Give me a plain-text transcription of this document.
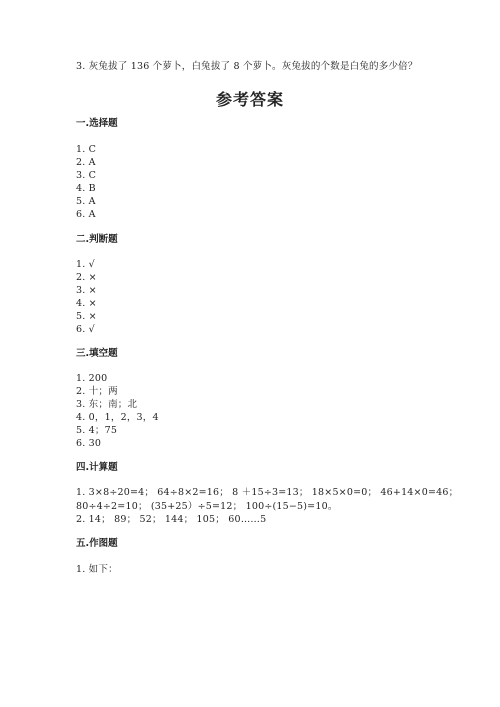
3. 灰兔拔了 136 个萝卜，白兔拔了 8 个萝卜。灰兔拔的个数是白兔的多少倍？
参考答案
一.选择题
1. C
2. A
3. C
4. B
5. A
6. A
二.判断题
1. √
2. ×
3. ×
4. ×
5. ×
6. √
三.填空题
1. 200
2. 十；两
3. 东；南；北
4. 0，1，2，3，4
5. 4；75
6. 30
四.计算题
1. 3×8÷20=4； 64÷8×2=16； 8 ＋15÷3=13； 18×5×0=0； 46+14×0=46；
80÷4÷2=10； (35+25）÷5=12； 100÷(15−5)=10。
2. 14； 89； 52； 144； 105； 60……5
五.作图题
1. 如下：
